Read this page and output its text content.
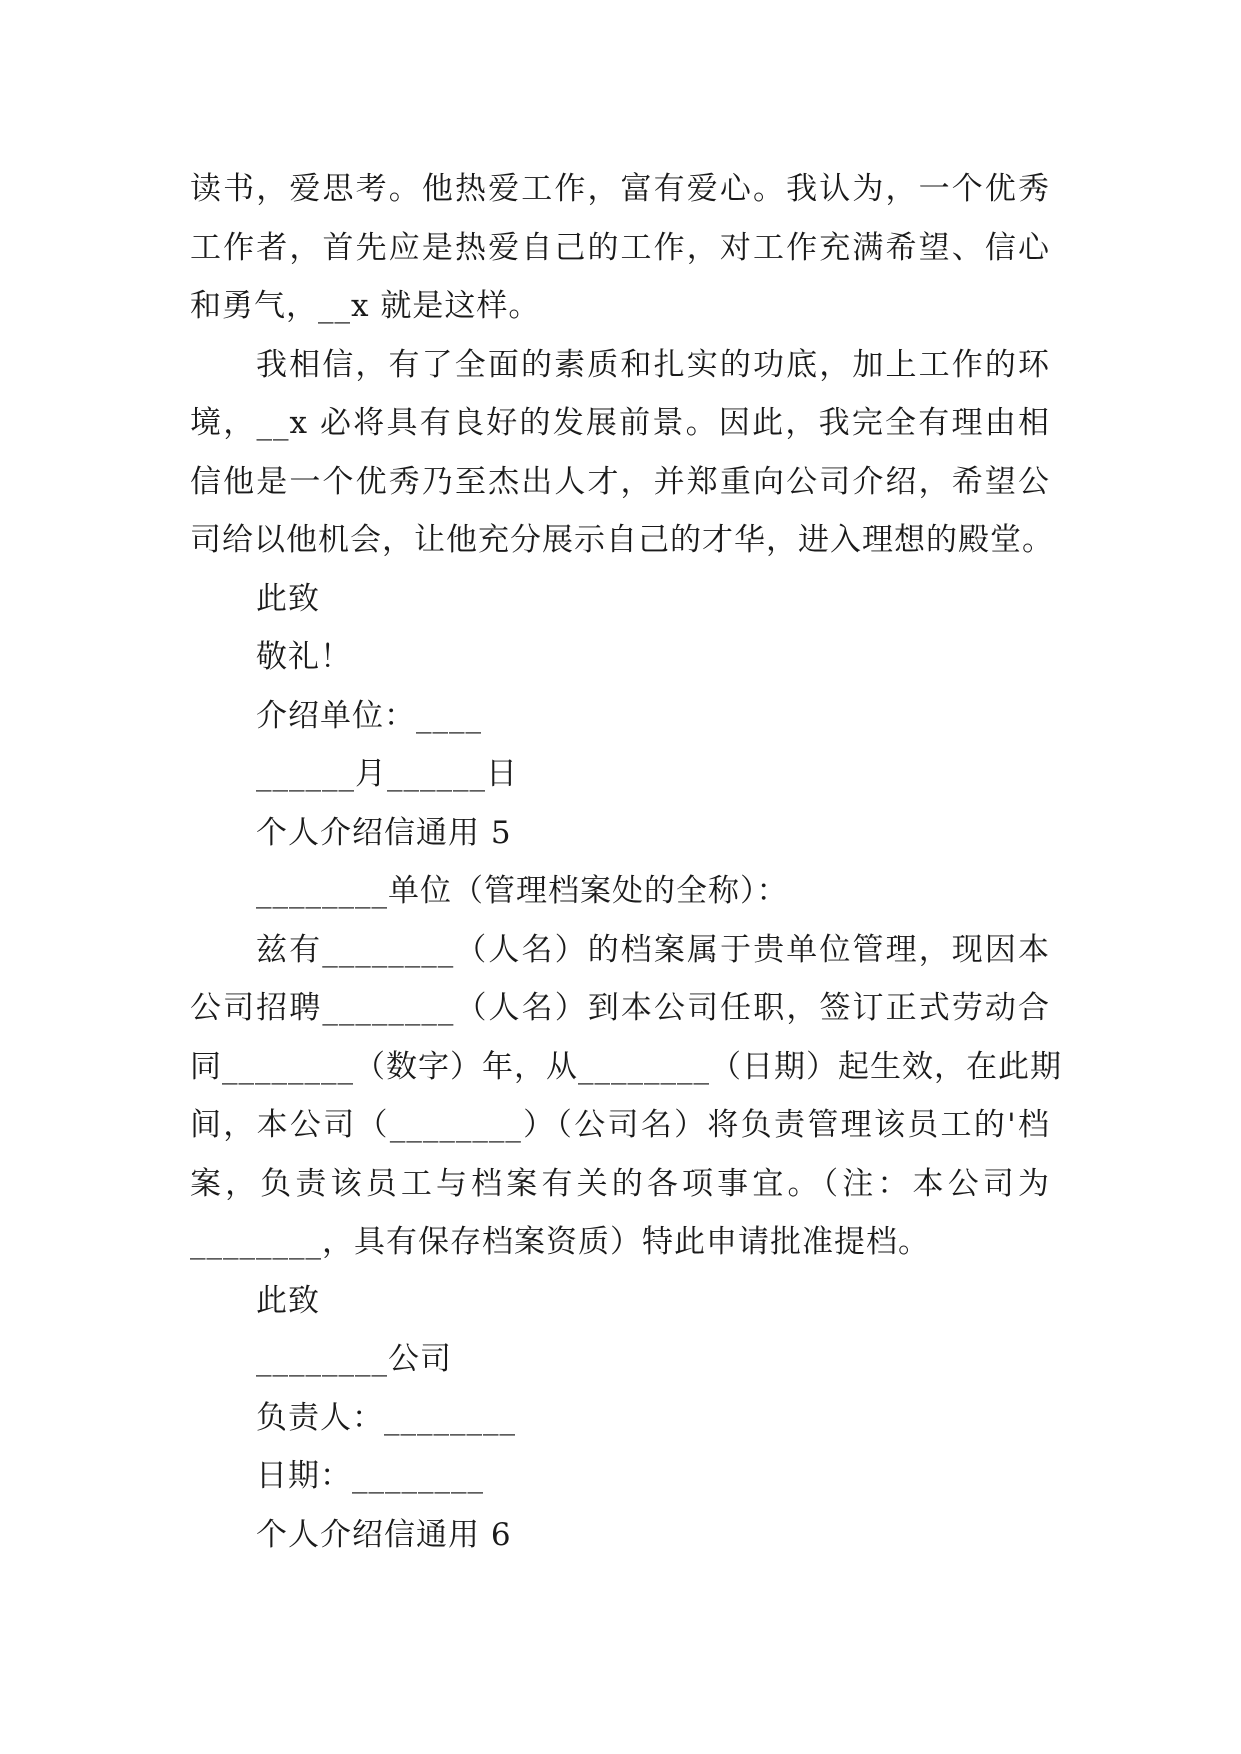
读书，爱思考。他热爱工作，富有爱心。我认为，一个优秀
工作者，首先应是热爱自己的工作，对工作充满希望、信心
和勇气，__x 就是这样。
我相信，有了全面的素质和扎实的功底，加上工作的环
境，__x 必将具有良好的发展前景。因此，我完全有理由相
信他是一个优秀乃至杰出人才，并郑重向公司介绍，希望公
司给以他机会，让他充分展示自己的才华，进入理想的殿堂。
此致
敬礼！
介绍单位：____
______月______日
个人介绍信通用 5
________单位（管理档案处的全称）：
兹有________（人名）的档案属于贵单位管理，现因本
公司招聘________（人名）到本公司任职，签订正式劳动合
同________（数字）年，从________（日期）起生效，在此期
间，本公司（________）（公司名）将负责管理该员工的'档
案，负责该员工与档案有关的各项事宜。（注：本公司为
________，具有保存档案资质）特此申请批准提档。
此致
________公司
负责人：________
日期：________
个人介绍信通用 6
